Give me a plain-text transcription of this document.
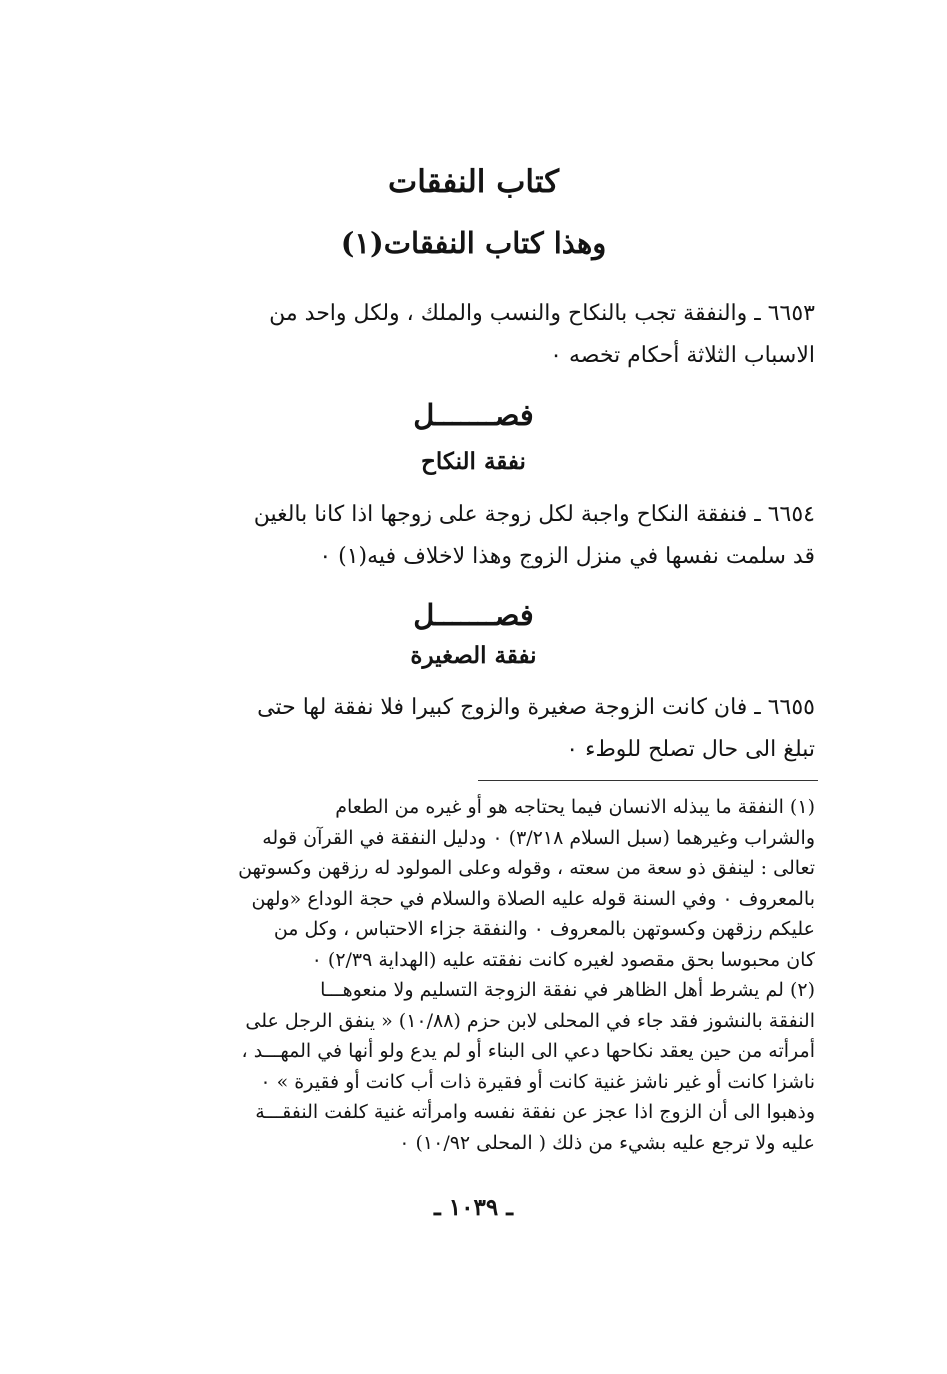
كتاب النفقات
وهذا كتاب النفقات(١)
٦٦٥٣ ـ والنفقة تجب بالنكاح والنسب والملك ، ولكل واحد من
الاسباب الثلاثة أحكام تخصه ٠
فصـــــــل
نفقة النكاح
٦٦٥٤ ـ فنفقة النكاح واجبة لكل زوجة على زوجها اذا كانا بالغين
قد سلمت نفسها في منزل الزوج وهذا لاخلاف فيه(١) ٠
فصـــــــل
نفقة الصغيرة
٦٦٥٥ ـ فان كانت الزوجة صغيرة والزوج كبيرا فلا نفقة لها حتى
تبلغ الى حال تصلح للوطء ٠
(١) النفقة ما يبذله الانسان فيما يحتاجه هو أو غيره من الطعام
والشراب وغيرهما (سبل السلام ٣/٢١٨) ٠ ودليل النفقة في القرآن قوله
تعالى : لينفق ذو سعة من سعته ، وقوله وعلى المولود له رزقهن وكسوتهن
بالمعروف ٠ وفي السنة قوله عليه الصلاة والسلام في حجة الوداع «ولهن
عليكم رزقهن وكسوتهن بالمعروف ٠ والنفقة جزاء الاحتباس ، وكل من
كان محبوسا بحق مقصود لغيره كانت نفقته عليه (الهداية ٢/٣٩) ٠
(٢) لم يشرط أهل الظاهر في نفقة الزوجة التسليم ولا منعوهـــا
النفقة بالنشوز فقد جاء في المحلى لابن حزم (١٠/٨٨) « ينفق الرجل على
أمرأته من حين يعقد نكاحها دعي الى البناء أو لم يدع ولو أنها في المهـــد ،
ناشزا كانت أو غير ناشز غنية كانت أو فقيرة ذات أب كانت أو فقيرة » ٠
وذهبوا الى أن الزوج اذا عجز عن نفقة نفسه وامرأته غنية كلفت النفقـــة
عليه ولا ترجع عليه بشيء من ذلك ( المحلى ١٠/٩٢) ٠
ـ ١٠٣٩ ـ
